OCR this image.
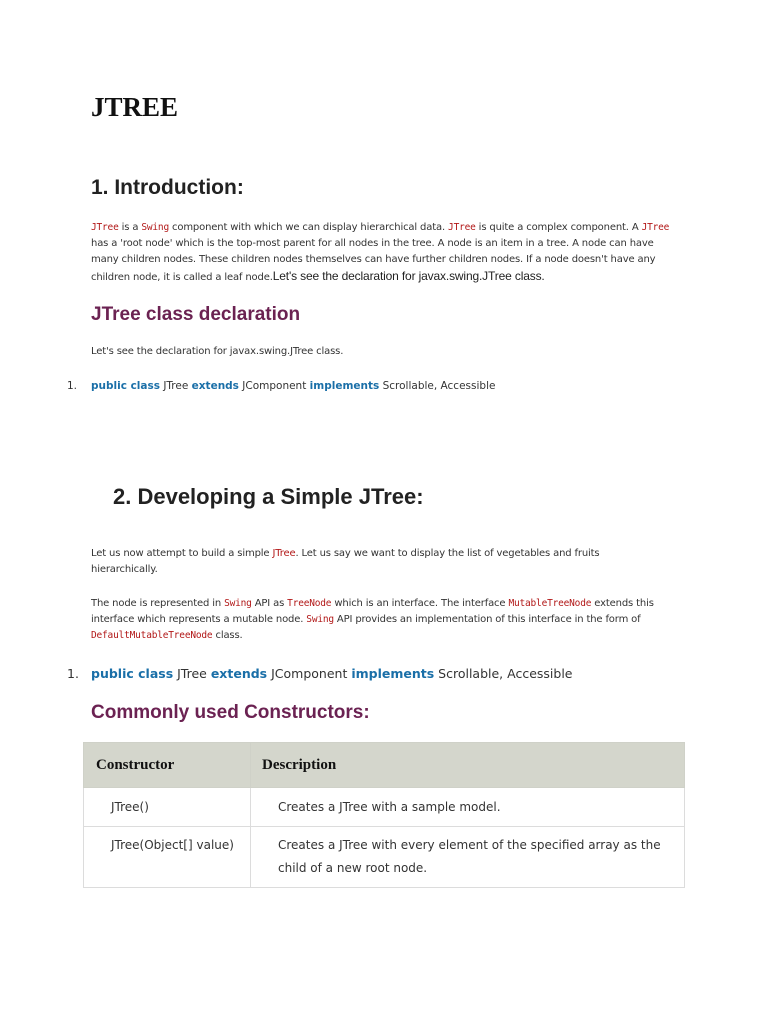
JTREE
1. Introduction:

JTree is a Swing component with which we can display hierarchical data. JTree is quite a complex component. A JTree has a 'root node' which is the top-most parent for all nodes in the tree. A node is an item in a tree. A node can have many children nodes. These children nodes themselves can have further children nodes. If a node doesn't have any children node, it is called a leaf node.Let's see the declaration for javax.swing.JTree class.

JTree class declaration

Let's see the declaration for javax.swing.JTree class.

1. public class JTree extends JComponent implements Scrollable, Accessible
2. Developing a Simple JTree:

Let us now attempt to build a simple JTree. Let us say we want to display the list of vegetables and fruits hierarchically.

The node is represented in Swing API as TreeNode which is an interface. The interface MutableTreeNode extends this interface which represents a mutable node. Swing API provides an implementation of this interface in the form of DefaultMutableTreeNode class.

1. public class JTree extends JComponent implements Scrollable, Accessible
Commonly used Constructors:
Constructor	Description
JTree()	Creates a JTree with a sample model.
JTree(Object[] value)	Creates a JTree with every element of the specified array as the child of a new root node.
